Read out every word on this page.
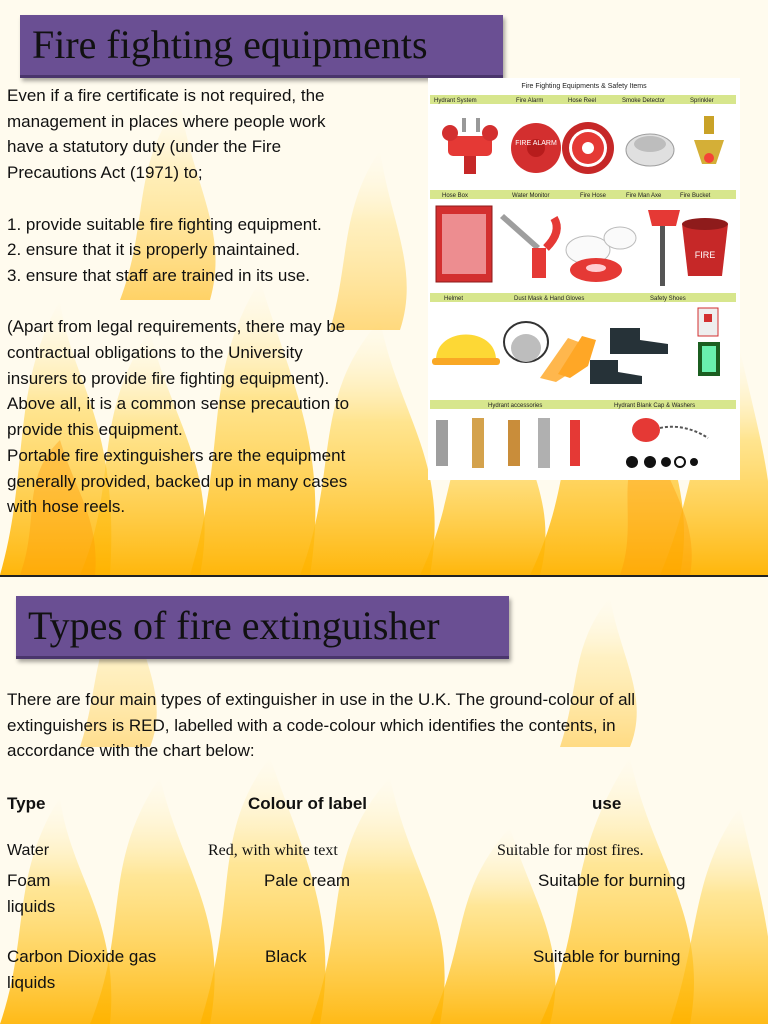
Fire fighting equipments
Even if a fire certificate is not required, the
management in places where people work
have a statutory duty (under the Fire
Precautions Act (1971) to;

1. provide suitable fire fighting equipment.
2. ensure that it is properly maintained.
3. ensure that staff are trained in its use.

(Apart from legal requirements, there may be
contractual obligations to the University
insurers to provide fire fighting equipment).
Above all, it is a common sense precaution to
provide this equipment.
Portable fire extinguishers are the equipment
generally provided, backed up in many cases
with hose reels.
Fire Fighting Equipments & Safety Items
Hydrant System	Fire Alarm	Hose Reel	Smoke Detector	Sprinkler
FIRE ALARM
Hose Box	Water Monitor	Fire Hose	Fire Man Axe	Fire Bucket
FIRE
Helmet	Dust Mask & Hand Gloves	Safety Shoes
Hydrant accessories	Hydrant Blank Cap & Washers
Types of fire extinguisher
There are four main types of extinguisher in use in the U.K. The ground-colour of all
extinguishers is RED, labelled with a code-colour which identifies the contents, in
accordance with the chart below:
Type	Colour of label	use
Water	Red, with white text	Suitable for most fires.
Foam	Pale cream	Suitable for burning
liquids
Carbon Dioxide gas	Black	Suitable for burning
liquids
